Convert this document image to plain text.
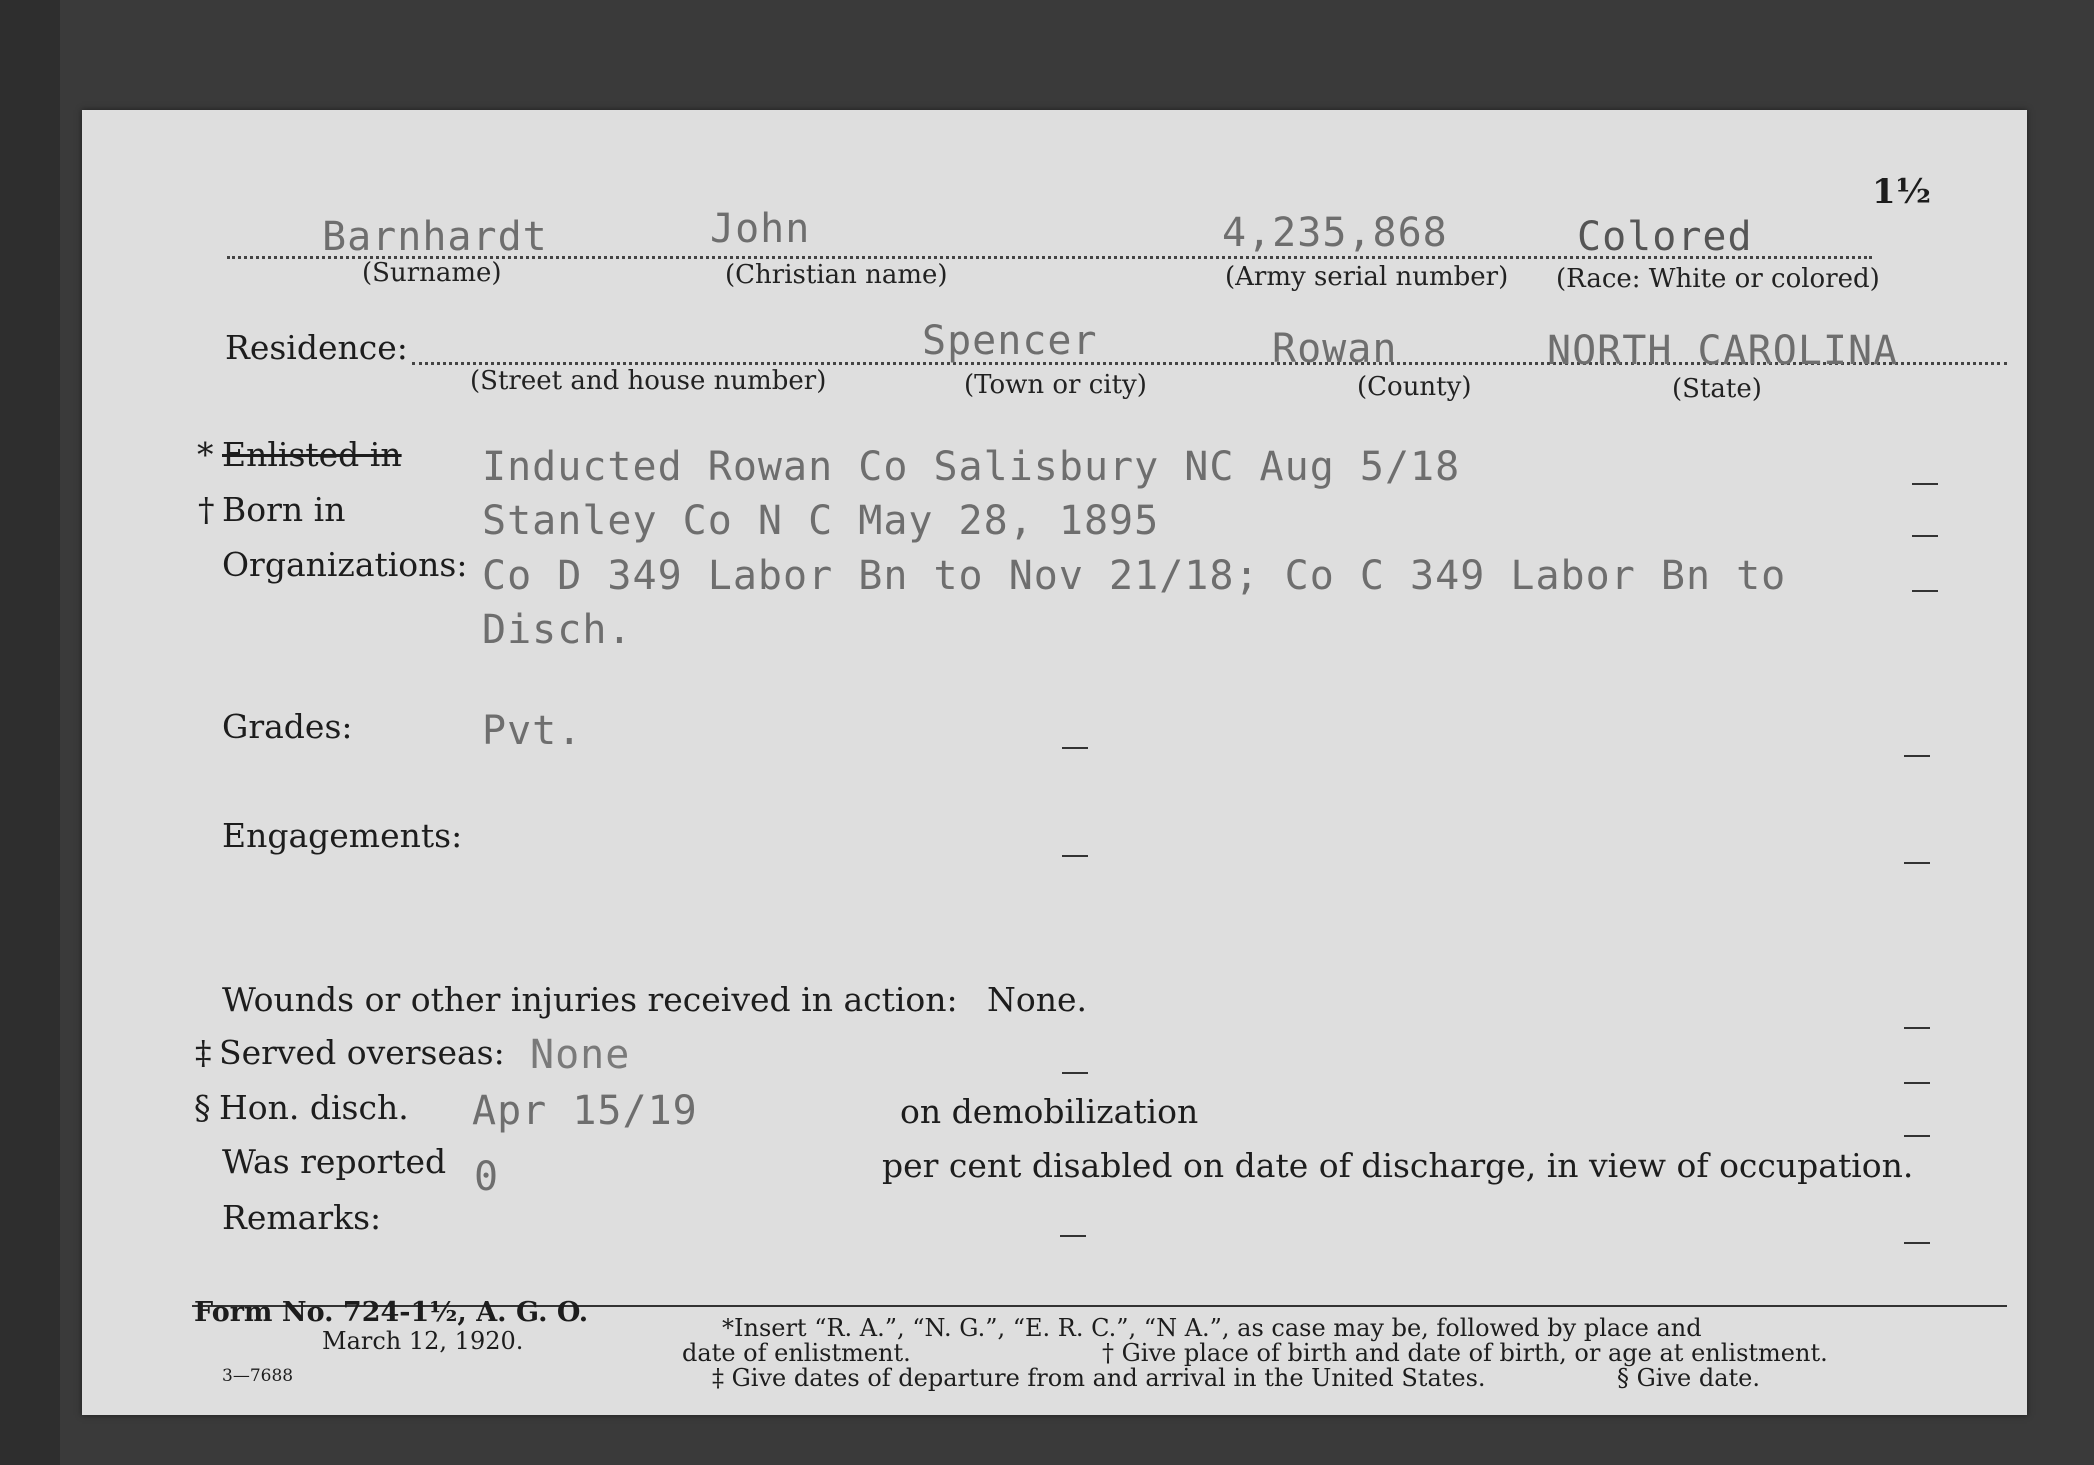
1½
Barnhardt	John	4,235,868	Colored
(Surname)	(Christian name)	(Army serial number) (Race: White or colored)
Residence:	Spencer	Rowan	NORTH CAROLINA
(Street and house number)	(Town or city)	(County)	(State)
* Enlisted in Inducted Rowan Co Salisbury NC Aug 5/18
† Born in	Stanley Co N C May 28, 1895
Organizations: Co D 349 Labor Bn to Nov 21/18; Co C 349 Labor Bn to
Disch.
Grades:	Pvt.
Engagements:
Wounds or other injuries received in action: None.
‡ Served overseas: None
§ Hon. disch. Apr 15/19	on demobilization
Was reported 0	per cent disabled on date of discharge, in view of occupation.
Remarks:
Form No. 724-1½, A. G. O.
March 12, 1920.
3—7688
*Insert “R. A.”, “N. G.”, “E. R. C.”, “N A.”, as case may be, followed by place and
date of enlistment.	† Give place of birth and date of birth, or age at enlistment.
‡ Give dates of departure from and arrival in the United States.	§ Give date.
